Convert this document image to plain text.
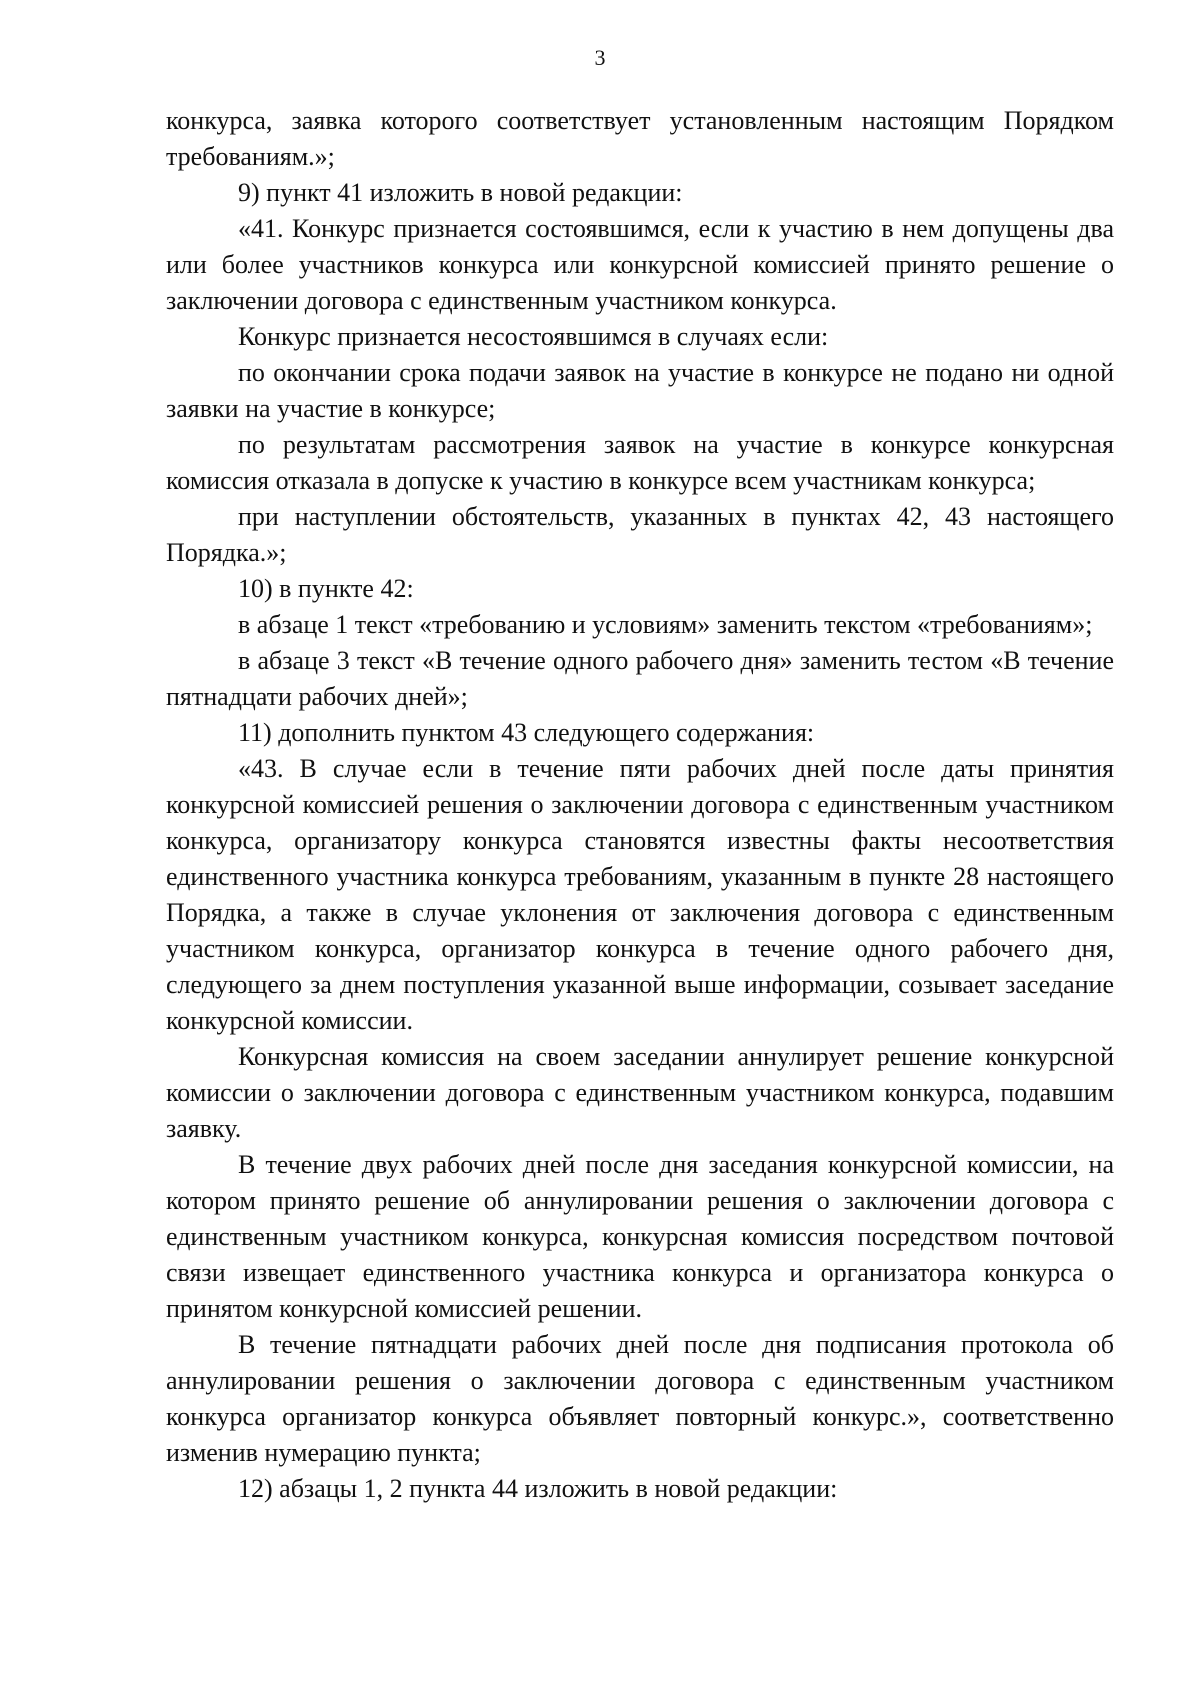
3

конкурса, заявка которого соответствует установленным настоящим Порядком требованиям.»;

9) пункт 41 изложить в новой редакции:

«41. Конкурс признается состоявшимся, если к участию в нем допущены два или более участников конкурса или конкурсной комиссией принято решение о заключении договора с единственным участником конкурса.

Конкурс признается несостоявшимся в случаях если:

по окончании срока подачи заявок на участие в конкурсе не подано ни одной заявки на участие в конкурсе;

по результатам рассмотрения заявок на участие в конкурсе конкурсная комиссия отказала в допуске к участию в конкурсе всем участникам конкурса;

при наступлении обстоятельств, указанных в пунктах 42, 43 настоящего Порядка.»;

10) в пункте 42:

в абзаце 1 текст «требованию и условиям» заменить текстом «требованиям»;

в абзаце 3 текст «В течение одного рабочего дня» заменить тестом «В течение пятнадцати рабочих дней»;

11) дополнить пунктом 43 следующего содержания:

«43. В случае если в течение пяти рабочих дней после даты принятия конкурсной комиссией решения о заключении договора с единственным участником конкурса, организатору конкурса становятся известны факты несоответствия единственного участника конкурса требованиям, указанным в пункте 28 настоящего Порядка, а также в случае уклонения от заключения договора с единственным участником конкурса, организатор конкурса в течение одного рабочего дня, следующего за днем поступления указанной выше информации, созывает заседание конкурсной комиссии.

Конкурсная комиссия на своем заседании аннулирует решение конкурсной комиссии о заключении договора с единственным участником конкурса, подавшим заявку.

В течение двух рабочих дней после дня заседания конкурсной комиссии, на котором принято решение об аннулировании решения о заключении договора с единственным участником конкурса, конкурсная комиссия посредством почтовой связи извещает единственного участника конкурса и организатора конкурса о принятом конкурсной комиссией решении.

В течение пятнадцати рабочих дней после дня подписания протокола об аннулировании решения о заключении договора с единственным участником конкурса организатор конкурса объявляет повторный конкурс.», соответственно изменив нумерацию пункта;

12) абзацы 1, 2 пункта 44 изложить в новой редакции:
